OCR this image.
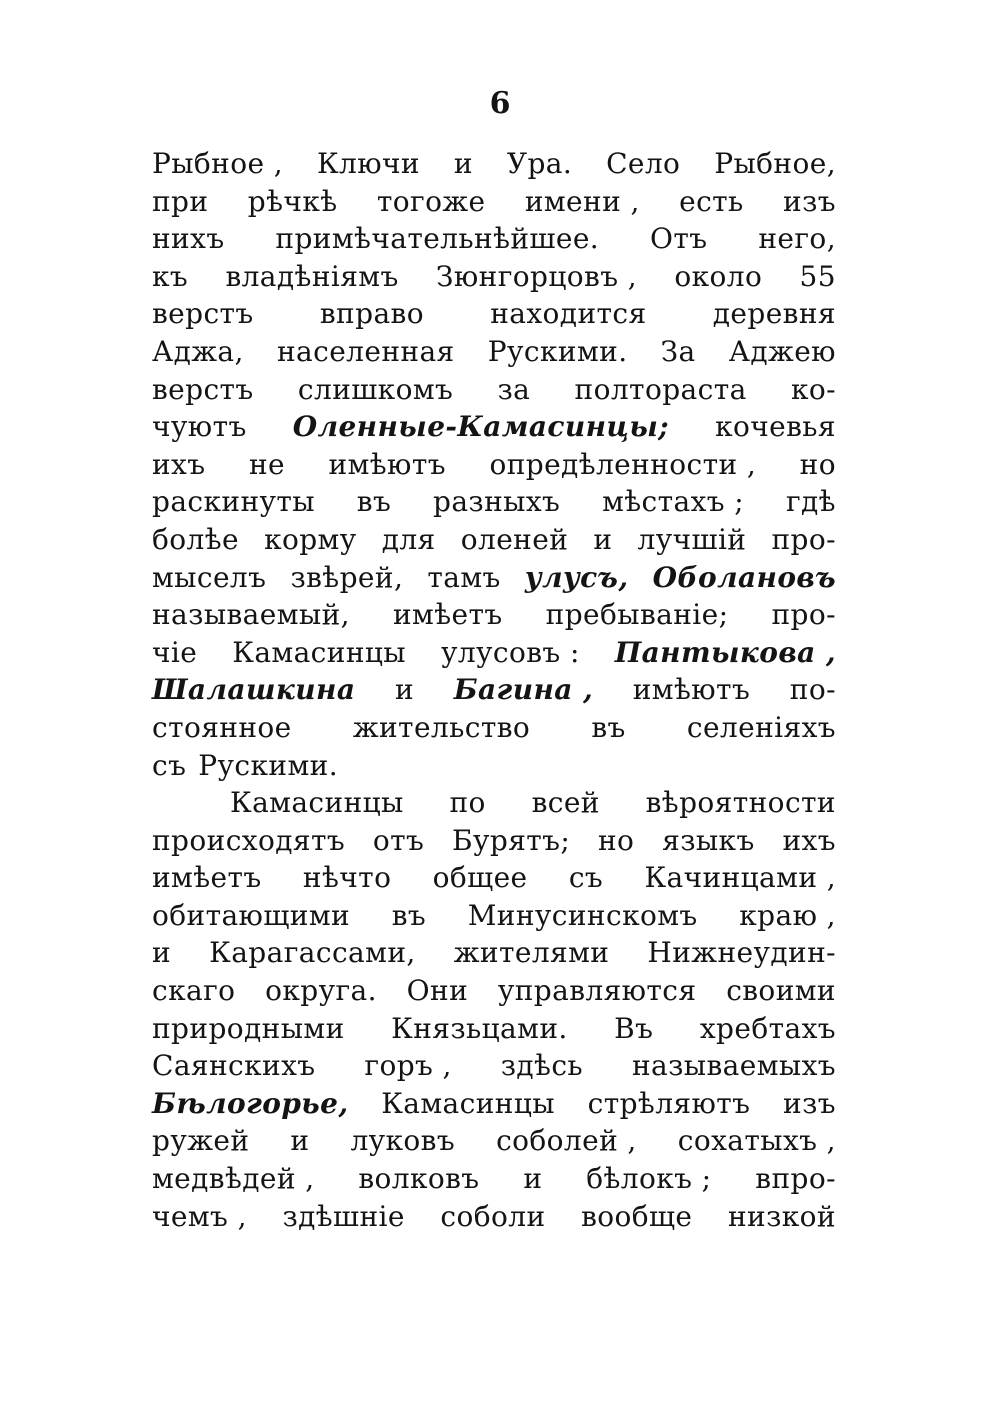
6
Рыбное , Ключи и Ура. Село Рыбное,
при рѣчкѣ тогоже имени , есть изъ
нихъ примѣчательнѣйшее. Отъ него,
къ владѣніямъ Зюнгорцовъ , около 55
верстъ вправо находится деревня
Аджа, населенная Рускими. За Аджею
верстъ слишкомъ за полтораста ко-
чуютъ Оленные-Камасинцы; кочевья
ихъ не имѣютъ опредѣленности , но
раскинуты въ разныхъ мѣстахъ ; гдѣ
болѣе корму для оленей и лучшій про-
мыселъ звѣрей, тамъ улусъ, Оболановъ
называемый, имѣетъ пребываніе; про-
чіе Камасинцы улусовъ : Пантыкова ,
Шалашкина и Багина , имѣютъ по-
стоянное жительство въ селеніяхъ
съ Рускими.
Камасинцы по всей вѣроятности
происходятъ отъ Бурятъ; но языкъ ихъ
имѣетъ нѣчто общее съ Качинцами ,
обитающими въ Минусинскомъ краю ,
и Карагассами, жителями Нижнеудин-
скаго округа. Они управляются своими
природными Князьцами. Въ хребтахъ
Саянскихъ горъ , здѣсь называемыхъ
Бѣлогорье, Камасинцы стрѣляютъ изъ
ружей и луковъ соболей , сохатыхъ ,
медвѣдей , волковъ и бѣлокъ ; впро-
чемъ , здѣшніе соболи вообще низкой
